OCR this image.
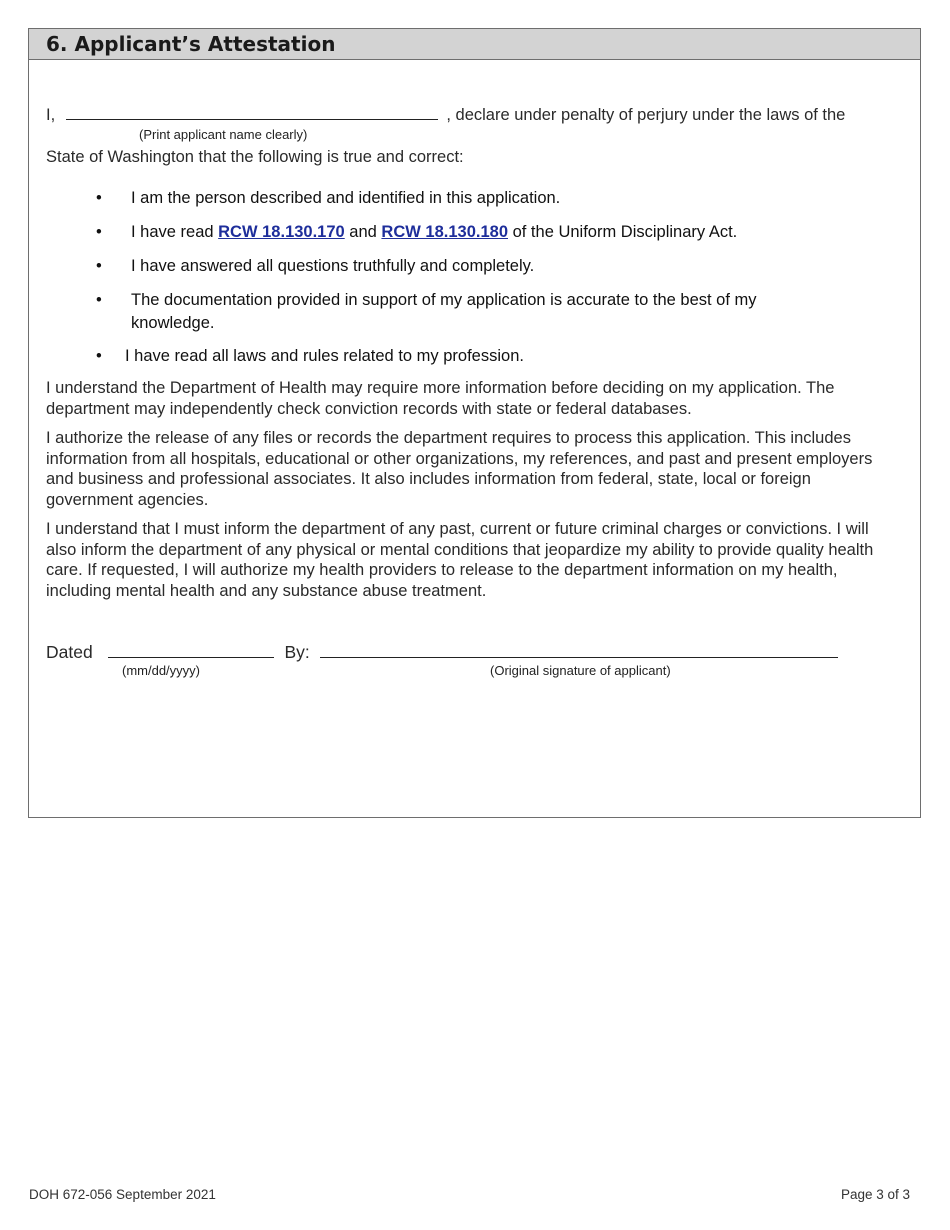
6. Applicant’s Attestation
I,	, declare under penalty of perjury under the laws of the
(Print applicant name clearly)
State of Washington that the following is true and correct:
• I am the person described and identified in this application.
• I have read RCW 18.130.170 and RCW 18.130.180 of the Uniform Disciplinary Act.
• I have answered all questions truthfully and completely.
• The documentation provided in support of my application is accurate to the best of my knowledge.
• I have read all laws and rules related to my profession.

I understand the Department of Health may require more information before deciding on my application. The department may independently check conviction records with state or federal databases.

I authorize the release of any files or records the department requires to process this application. This includes information from all hospitals, educational or other organizations, my references, and past and present employers and business and professional associates. It also includes information from federal, state, local or foreign government agencies.

I understand that I must inform the department of any past, current or future criminal charges or convictions. I will also inform the department of any physical or mental conditions that jeopardize my ability to provide quality health care. If requested, I will authorize my health providers to release to the department information on my health, including mental health and any substance abuse treatment.

Dated	By:
(mm/dd/yyyy)	(Original signature of applicant)
DOH 672-056 September 2021	Page 3 of 3
